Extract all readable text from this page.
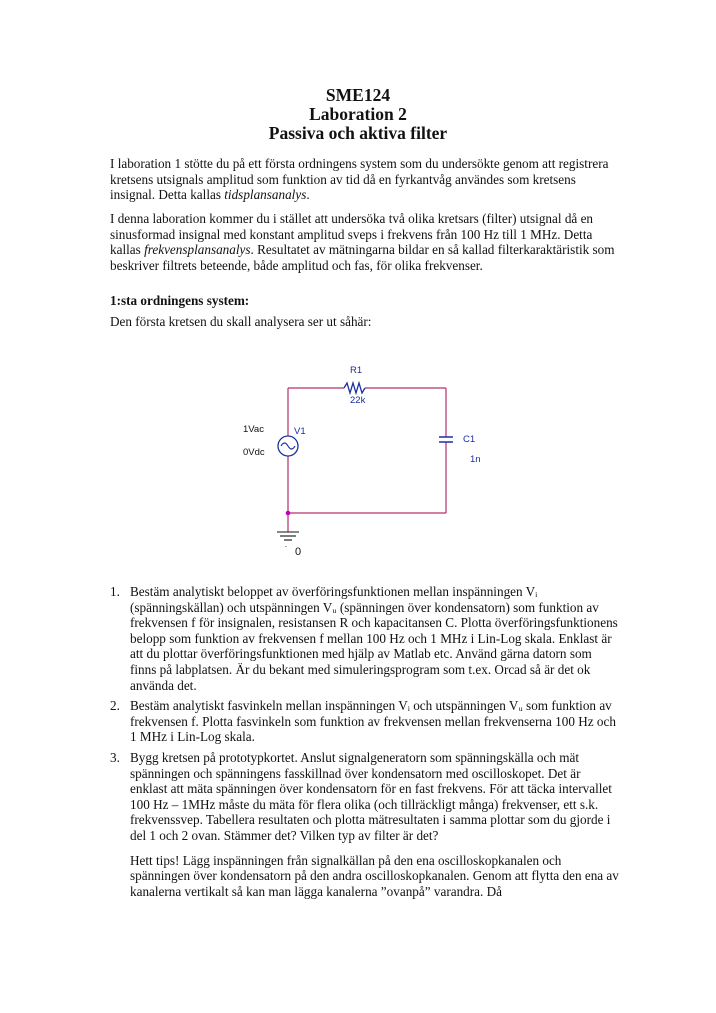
SME124
Laboration 2
Passiva och aktiva filter
I laboration 1 stötte du på ett första ordningens system som du undersökte genom att registrera kretsens utsignals amplitud som funktion av tid då en fyrkantvåg användes som kretsens insignal. Detta kallas tidsplansanalys.
I denna laboration kommer du i stället att undersöka två olika kretsars (filter) utsignal då en sinusformad insignal med konstant amplitud sveps i frekvens från 100 Hz till 1 MHz. Detta kallas frekvensplansanalys. Resultatet av mätningarna bildar en så kallad filterkaraktäristik som beskriver filtrets beteende, både amplitud och fas, för olika frekvenser.
1:sta ordningens system:
Den första kretsen du skall analysera ser ut såhär:
R1
22k
C1
1n
V1
1Vac
0Vdc
- 0
1. Bestäm analytiskt beloppet av överföringsfunktionen mellan inspänningen Vᵢ (spänningskällan) och utspänningen Vᵤ (spänningen över kondensatorn) som funktion av frekvensen f för insignalen, resistansen R och kapacitansen C. Plotta överföringsfunktionens belopp som funktion av frekvensen f mellan 100 Hz och 1 MHz i Lin-Log skala. Enklast är att du plottar överföringsfunktionen med hjälp av Matlab etc. Använd gärna datorn som finns på labplatsen. Är du bekant med simuleringsprogram som t.ex. Orcad så är det ok använda det.
2. Bestäm analytiskt fasvinkeln mellan inspänningen Vᵢ och utspänningen Vᵤ som funktion av frekvensen f. Plotta fasvinkeln som funktion av frekvensen mellan frekvenserna 100 Hz och 1 MHz i Lin-Log skala.
3. Bygg kretsen på prototypkortet. Anslut signalgeneratorn som spänningskälla och mät spänningen och spänningens fasskillnad över kondensatorn med oscilloskopet. Det är enklast att mäta spänningen över kondensatorn för en fast frekvens. För att täcka intervallet 100 Hz – 1MHz måste du mäta för flera olika (och tillräckligt många) frekvenser, ett s.k. frekvenssvep. Tabellera resultaten och plotta mätresultaten i samma plottar som du gjorde i del 1 och 2 ovan. Stämmer det? Vilken typ av filter är det?
Hett tips! Lägg inspänningen från signalkällan på den ena oscilloskopkanalen och spänningen över kondensatorn på den andra oscilloskopkanalen. Genom att flytta den ena av kanalerna vertikalt så kan man lägga kanalerna ”ovanpå” varandra. Då
